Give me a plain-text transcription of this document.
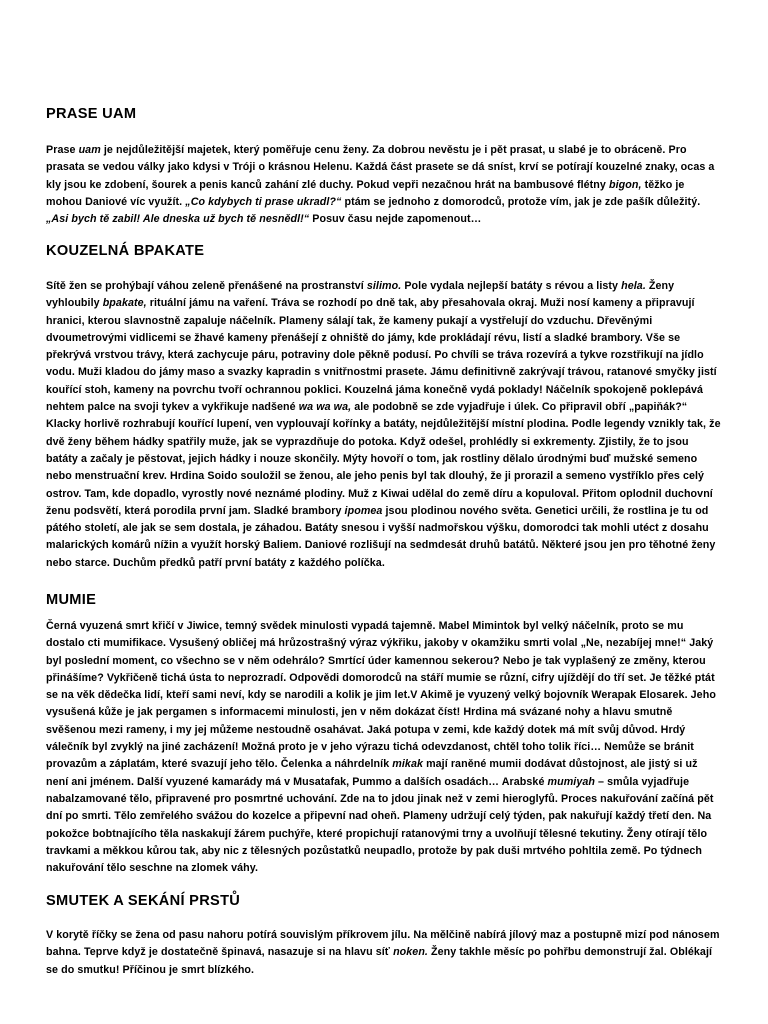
PRASE UAM

Prase uam je nejdůležitější majetek, který poměřuje cenu ženy. Za dobrou nevěstu je i pět prasat, u slabé je to obráceně. Pro prasata se vedou války jako kdysi v Tróji o krásnou Helenu. Každá část prasete se dá sníst, krví se potírají kouzelné znaky, ocas a kly jsou ke zdobení, šourek a penis kanců zahání zlé duchy. Pokud vepři nezačnou hrát na bambusové flétny bigon, těžko je mohou Daniové víc využít. „Co kdybych ti prase ukradl?“ ptám se jednoho z domorodců, protože vím, jak je zde pašík důležitý. „Asi bych tě zabil! Ale dneska už bych tě nesnědl!“ Posuv času nejde zapomenout…

KOUZELNÁ BPAKATE

Sítě žen se prohýbají váhou zeleně přenášené na prostranství silimo. Pole vydala nejlepší batáty s révou a listy hela. Ženy vyhloubily bpakate, rituální jámu na vaření. Tráva se rozhodí po dně tak, aby přesahovala okraj. Muži nosí kameny a připravují hranici, kterou slavnostně zapaluje náčelník. Plameny sálají tak, že kameny pukají a vystřelují do vzduchu. Dřevěnými dvoumetrovými vidlicemi se žhavé kameny přenášejí z ohniště do jámy, kde prokládají révu, listí a sladké brambory. Vše se překrývá vrstvou trávy, která zachycuje páru, potraviny dole pěkně podusí. Po chvíli se tráva rozevírá a tykve rozstřikují na jídlo vodu. Muži kladou do jámy maso a svazky kapradin s vnitřnostmi prasete. Jámu definitivně zakrývají trávou, ratanové smyčky jistí kouřící stoh, kameny na povrchu tvoří ochrannou poklici. Kouzelná jáma konečně vydá poklady! Náčelník spokojeně poklepává nehtem palce na svoji tykev a vykřikuje nadšené wa wa wa, ale podobně se zde vyjadřuje i úlek. Co připravil obří „papiňák?“ Klacky horlivě rozhrabují kouřící lupení, ven vyplouvají kořínky a batáty, nejdůležitější místní plodina. Podle legendy vznikly tak, že dvě ženy během hádky spatřily muže, jak se vyprazdňuje do potoka. Když odešel, prohlédly si exkrementy. Zjistily, že to jsou batáty a začaly je pěstovat, jejich hádky i nouze skončily. Mýty hovoří o tom, jak rostliny dělalo úrodnými buď mužské semeno nebo menstruační krev. Hrdina Soido souložil se ženou, ale jeho penis byl tak dlouhý, že ji prorazil a semeno vystříklo přes celý ostrov. Tam, kde dopadlo, vyrostly nové neznámé plodiny. Muž z Kiwai udělal do země díru a kopuloval. Přitom oplodnil duchovní ženu podsvětí, která porodila první jam. Sladké brambory ipomea jsou plodinou nového světa. Genetici určili, že rostlina je tu od pátého století, ale jak se sem dostala, je záhadou. Batáty snesou i vyšší nadmořskou výšku, domorodci tak mohli utéct z dosahu malarických komárů nížin a využít horský Baliem. Daniové rozlišují na sedmdesát druhů batátů. Některé jsou jen pro těhotné ženy nebo starce. Duchům předků patří první batáty z každého políčka.

MUMIE

Černá vyuzená smrt křičí v Jiwice, temný svědek minulosti vypadá tajemně. Mabel Mimintok byl velký náčelník, proto se mu dostalo cti mumifikace. Vysušený obličej má hrůzostrašný výraz výkřiku, jakoby v okamžiku smrti volal „Ne, nezabíjej mne!“ Jaký byl poslední moment, co všechno se v něm odehrálo? Smrtící úder kamennou sekerou? Nebo je tak vyplašený ze změny, kterou přinášíme? Vykřičeně tichá ústa to neprozradí. Odpovědi domorodců na stáří mumie se různí, cifry ujíždějí do tří set. Je těžké ptát se na věk dědečka lidí, kteří sami neví, kdy se narodili a kolik je jim let.V Akimě je vyuzený velký bojovník Werapak Elosarek. Jeho vysušená kůže je jak pergamen s informacemi minulosti, jen v něm dokázat číst! Hrdina má svázané nohy a hlavu smutně svěšenou mezi rameny, i my jej můžeme nestoudně osahávat. Jaká potupa v zemi, kde každý dotek má mít svůj důvod. Hrdý válečník byl zvyklý na jiné zacházení! Možná proto je v jeho výrazu tichá odevzdanost, chtěl toho tolik říci… Nemůže se bránit provazům a záplatám, které svazují jeho tělo. Čelenka a náhrdelník mikak mají raněné mumii dodávat důstojnost, ale jistý si už není ani jménem. Další vyuzené kamarády má v Musatafak, Pummo a dalších osadách… Arabské mumiyah – smůla vyjadřuje nabalzamované tělo, připravené pro posmrtné uchování. Zde na to jdou jinak než v zemi hieroglyfů. Proces nakuřování začíná pět dní po smrti. Tělo zemřelého svážou do kozelce a připevní nad oheň. Plameny udržují celý týden, pak nakuřují každý třetí den. Na pokožce bobtnajícího těla naskakují žárem puchýře, které propichují ratanovými trny a uvolňují tělesné tekutiny. Ženy otírají tělo travkami a měkkou kůrou tak, aby nic z tělesných pozůstatků neupadlo, protože by pak duši mrtvého pohltila země. Po týdnech nakuřování tělo seschne na zlomek váhy.

SMUTEK A SEKÁNÍ PRSTŮ

V korytě říčky se žena od pasu nahoru potírá souvislým příkrovem jílu. Na mělčině nabírá jílový maz a postupně mizí pod nánosem bahna. Teprve když je dostatečně špinavá, nasazuje si na hlavu síť noken. Ženy takhle měsíc po pohřbu demonstrují žal. Oblékají se do smutku! Příčinou je smrt blízkého.
